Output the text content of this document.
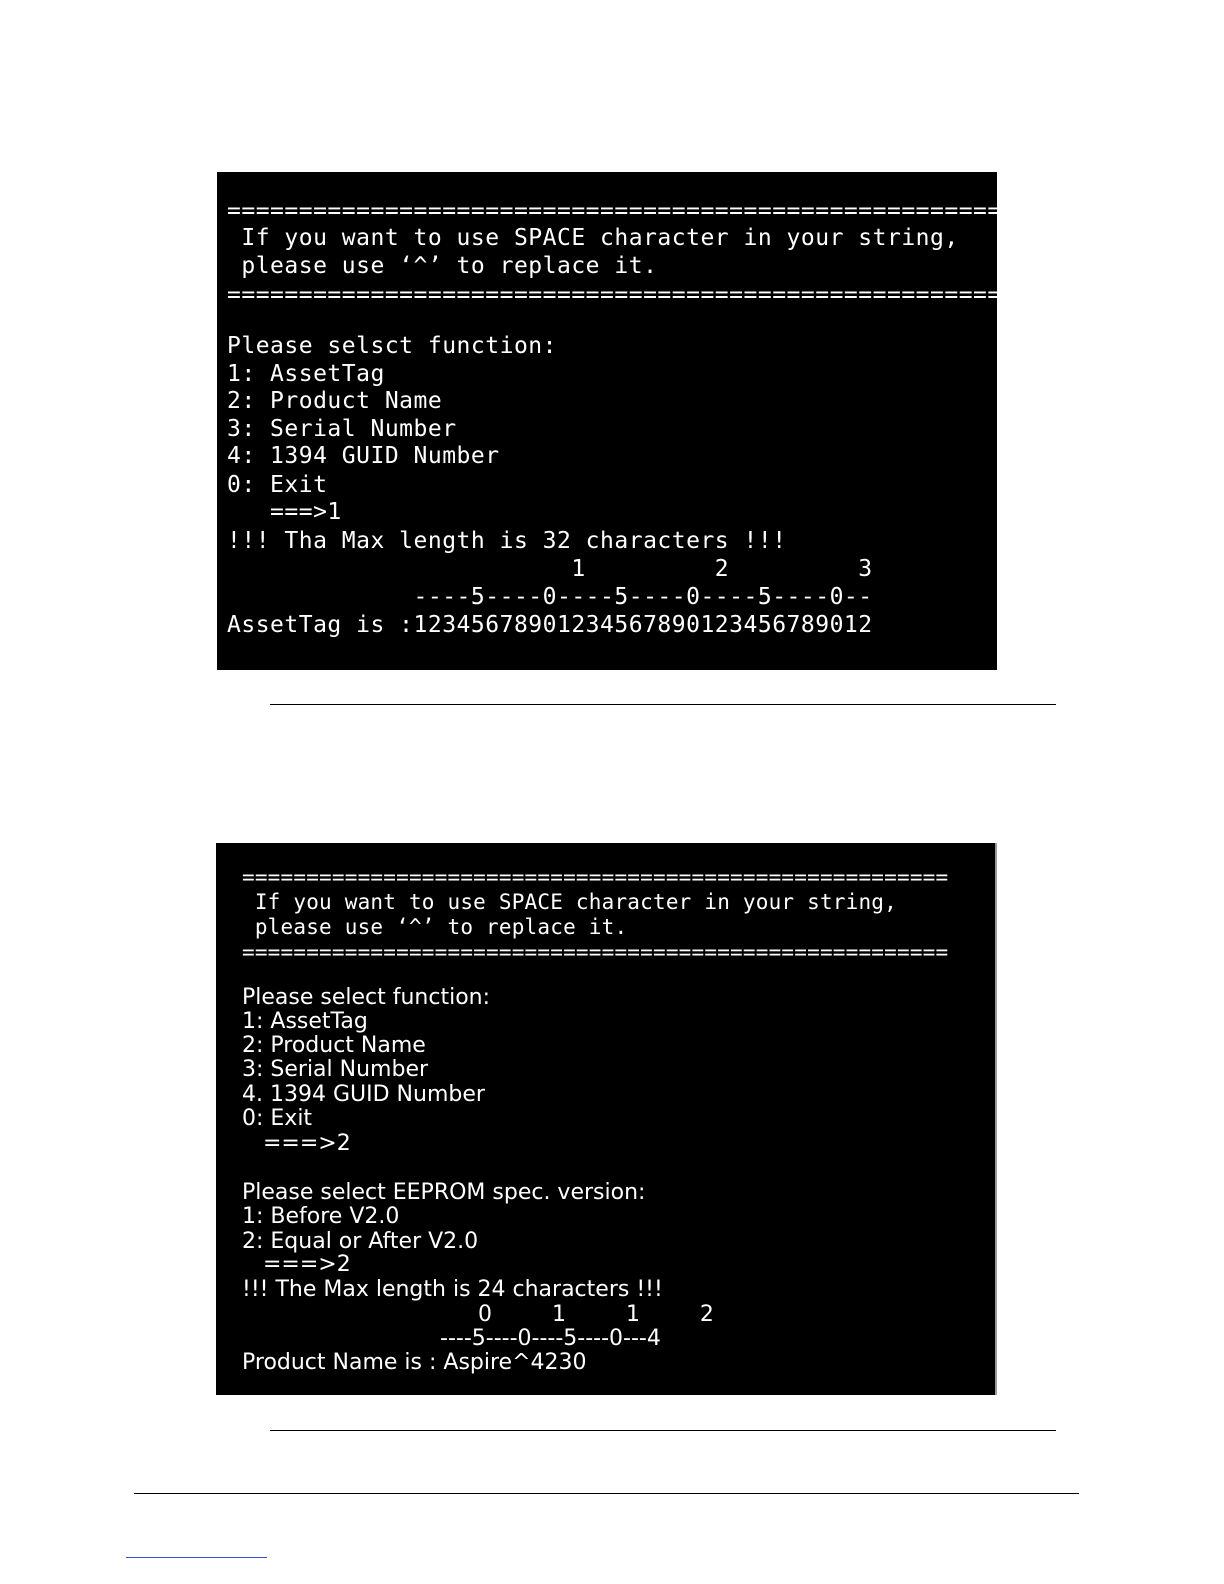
=======================================================
If you want to use SPACE character in your string,
please use ‘^’ to replace it.
=======================================================
Please selsct function:
1: AssetTag
2: Product Name
3: Serial Number
4: 1394 GUID Number
0: Exit
===>1
!!! Tha Max length is 32 characters !!!
1         2         3
----5----0----5----0----5----0--
AssetTag is :12345678901234567890123456789012
=======================================================
If you want to use SPACE character in your string,
please use ‘^’ to replace it.
=======================================================
Please select function:
1: AssetTag
2: Product Name
3: Serial Number
4. 1394 GUID Number
0: Exit
===>2
Please select EEPROM spec. version:
1: Before V2.0
2: Equal or After V2.0
===>2
!!! The Max length is 24 characters !!!
0    1    1    2
----5----0----5----0---4
Product Name is : Aspire^4230
